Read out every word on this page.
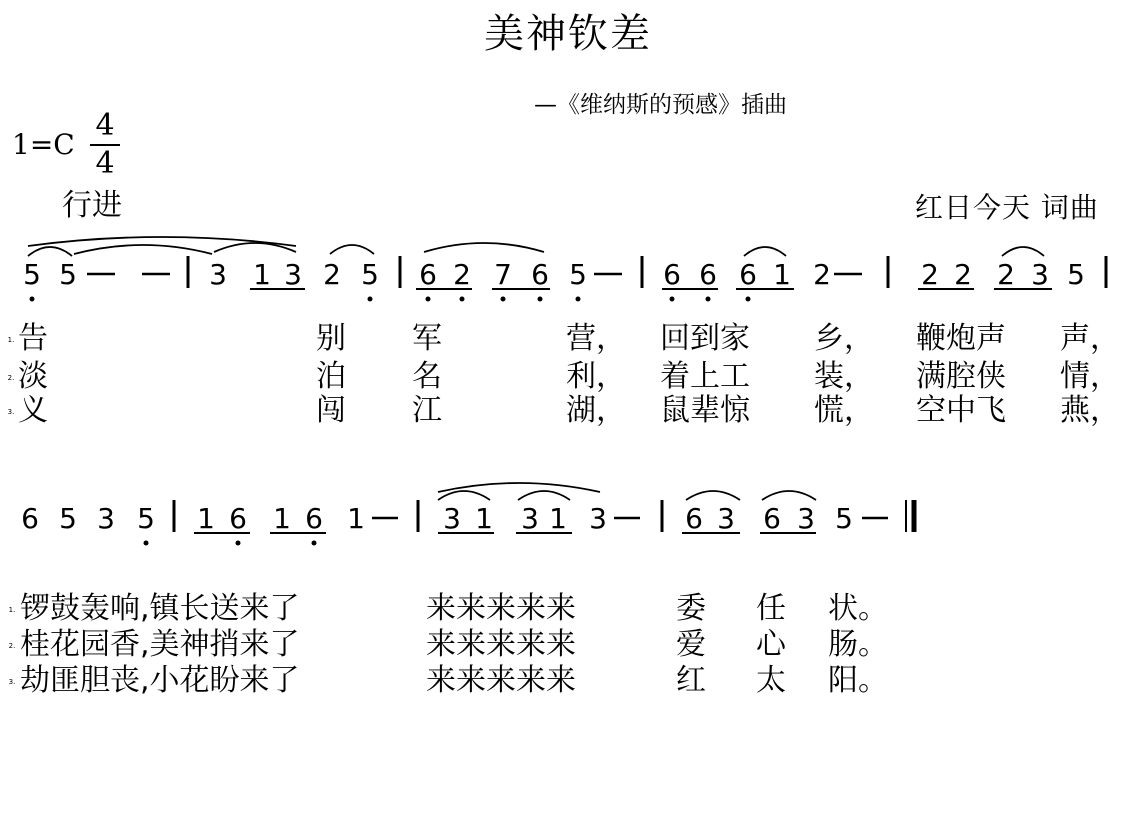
美神钦差
—《维纳斯的预感》插曲
1=C
4
4
行进	红日今天 词曲
5 5	3 1 3 2 5 6 2 7 6 5	6 6 6 1 2	2 2 2 3 5
1. 告	别 军	营， 回到家 乡， 鞭炮声 声，
2. 淡	泊 名	利， 着上工 装， 满腔侠 情，
3. 义	闯 江	湖， 鼠辈惊 慌， 空中飞 燕，
6 5 3 5 1 6 1 6 1	3 1 3 1 3	6 3 6 3 5
1. 锣鼓轰响,镇长送来了	来来来来来	委 任 状。
2. 桂花园香,美神捎来了	来来来来来	爱 心 肠。
3. 劫匪胆丧,小花盼来了	来来来来来	红 太 阳。
